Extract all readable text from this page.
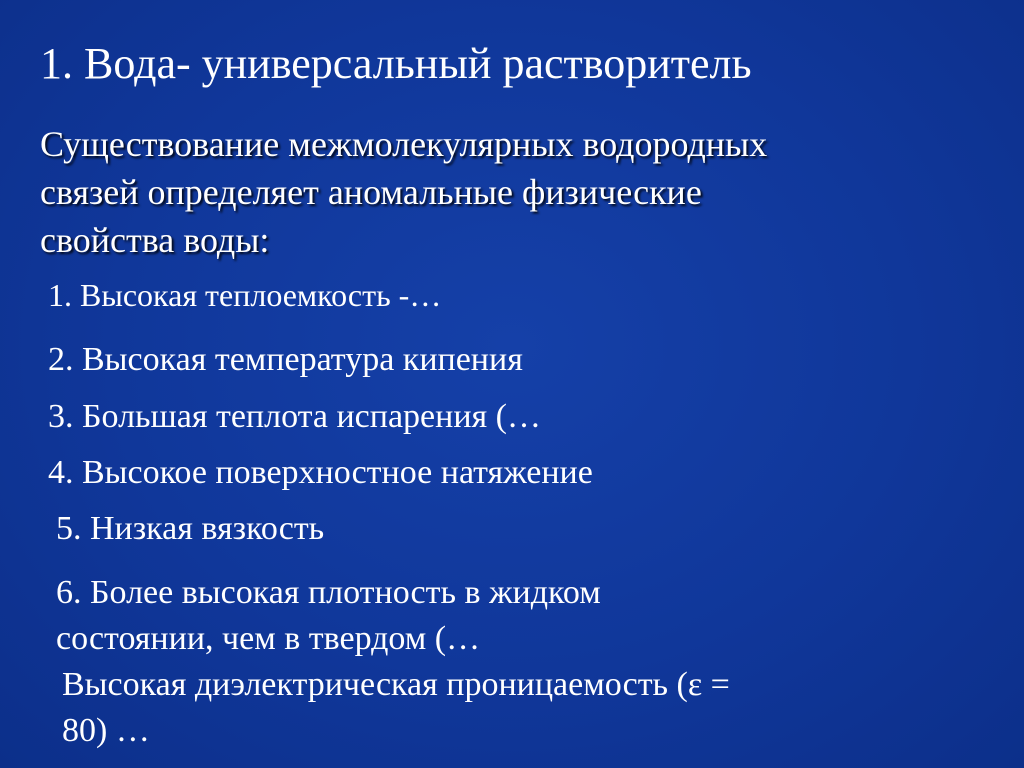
1. Вода- универсальный растворитель
Существование межмолекулярных водородных
связей определяет аномальные физические
свойства воды:
1. Высокая теплоемкость -…
2. Высокая температура кипения
3. Большая теплота испарения (…
4. Высокое поверхностное натяжение
5. Низкая вязкость
6. Более высокая плотность в жидком
состоянии, чем в твердом (…
Высокая диэлектрическая проницаемость (ε =
80) …
